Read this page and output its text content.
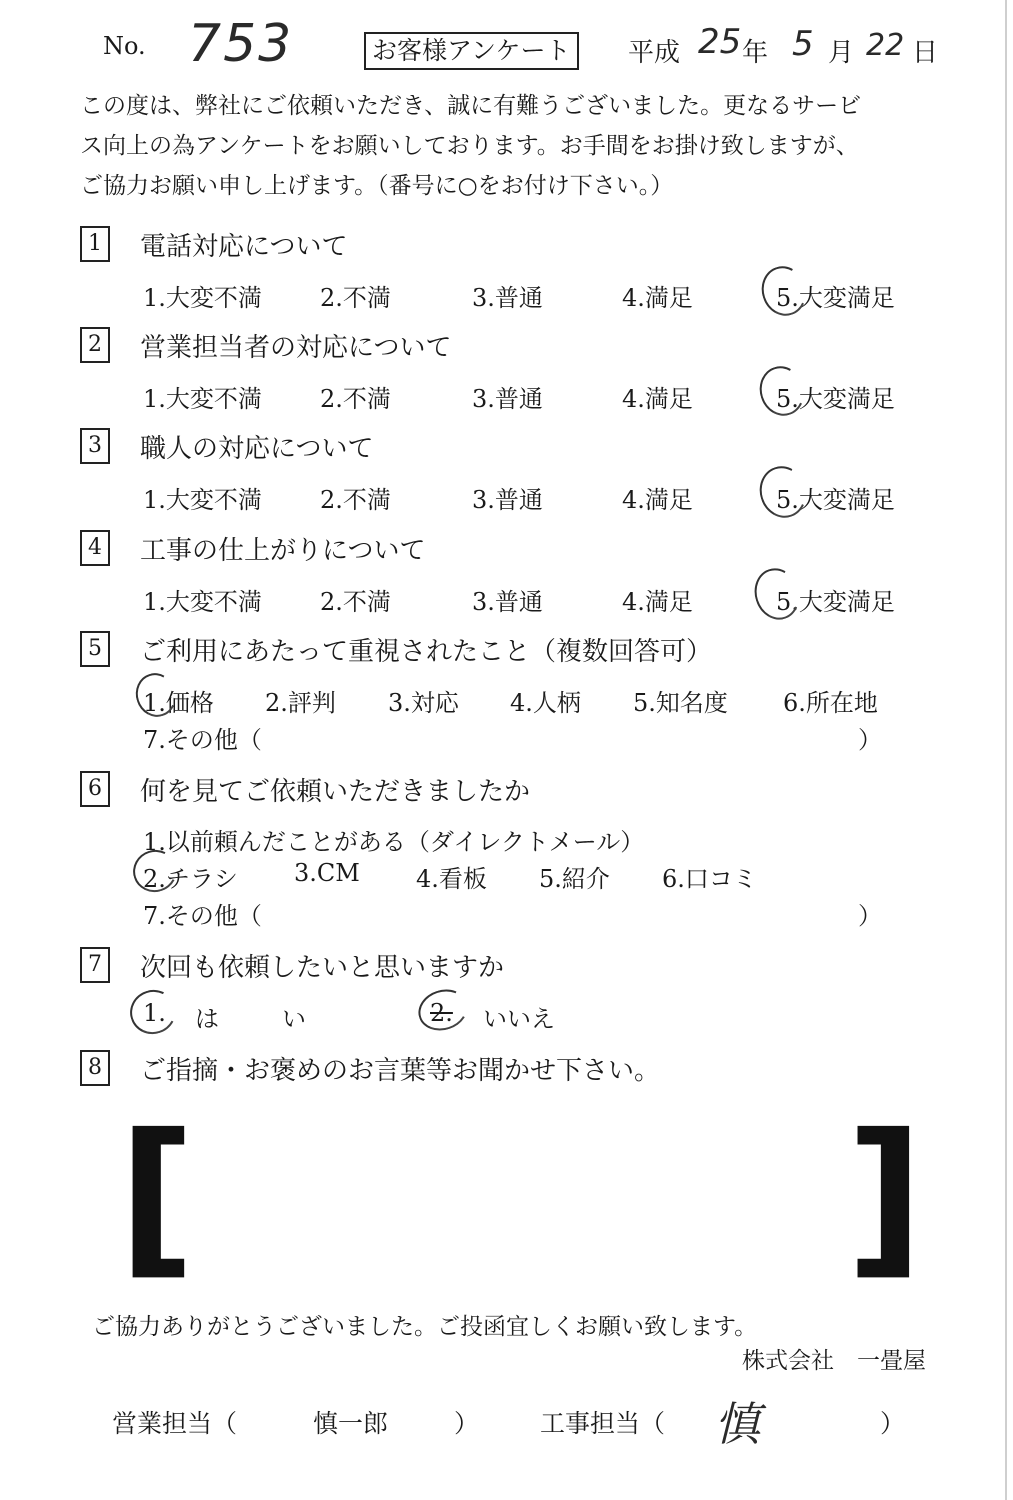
No. 753	お客様アンケート	平成 25 年 5 月 22 日
この度は、弊社にご依頼いただき、誠に有難うございました。更なるサービ
ス向上の為アンケートをお願いしております。お手間をお掛け致しますが、
ご協力お願い申し上げます。（番号に○をお付け下さい。）
1	電話対応について
1.大変不満 2.不満	3.普通	4.満足	5.大変満足
2	営業担当者の対応について
1.大変不満 2.不満	3.普通	4.満足	5.大変満足
3	職人の対応について
1.大変不満 2.不満	3.普通	4.満足	5.大変満足
4	工事の仕上がりについて
1.大変不満 2.不満	3.普通	4.満足	5.大変満足
5	ご利用にあたって重視されたこと（複数回答可）
1.価格 2.評判 3.対応 4.人柄 5.知名度 6.所在地
7.その他（	）
6	何を見てご依頼いただきましたか
1.以前頼んだことがある（ダイレクトメール）
2.チラシ 3.CM 4.看板 5.紹介 6.口コミ
7.その他（	）
7	次回も依頼したいと思いますか
1. は	い	2. いいえ
8	ご指摘・お褒めのお言葉等お聞かせ下さい。
[	]
ご協力ありがとうございました。ご投函宜しくお願い致します。
株式会社　一畳屋
営業担当（	慎一郎	） 工事担当（ 慎	）
